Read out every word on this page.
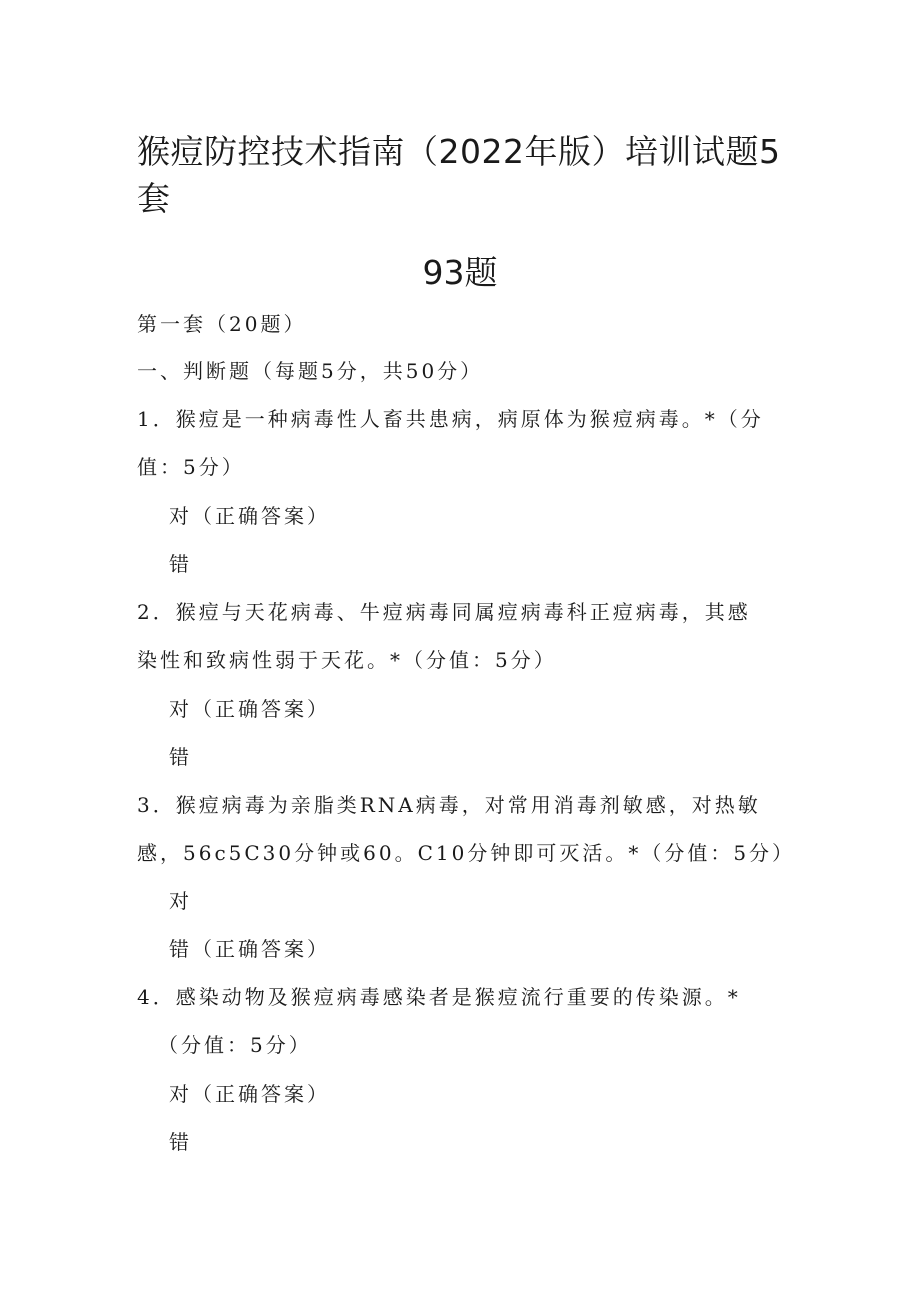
猴痘防控技术指南（2022年版）培训试题5
套
93题
第一套（20题）
一、判断题（每题5分，共50分）
1．猴痘是一种病毒性人畜共患病，病原体为猴痘病毒。*（分
值：5分）
对（正确答案）
错
2．猴痘与天花病毒、牛痘病毒同属痘病毒科正痘病毒，其感
染性和致病性弱于天花。*（分值：5分）
对（正确答案）
错
3．猴痘病毒为亲脂类RNA病毒，对常用消毒剂敏感，对热敏
感，56c5C30分钟或60。C10分钟即可灭活。*（分值：5分）
对
错（正确答案）
4．感染动物及猴痘病毒感染者是猴痘流行重要的传染源。*
（分值：5分）
对（正确答案）
错
